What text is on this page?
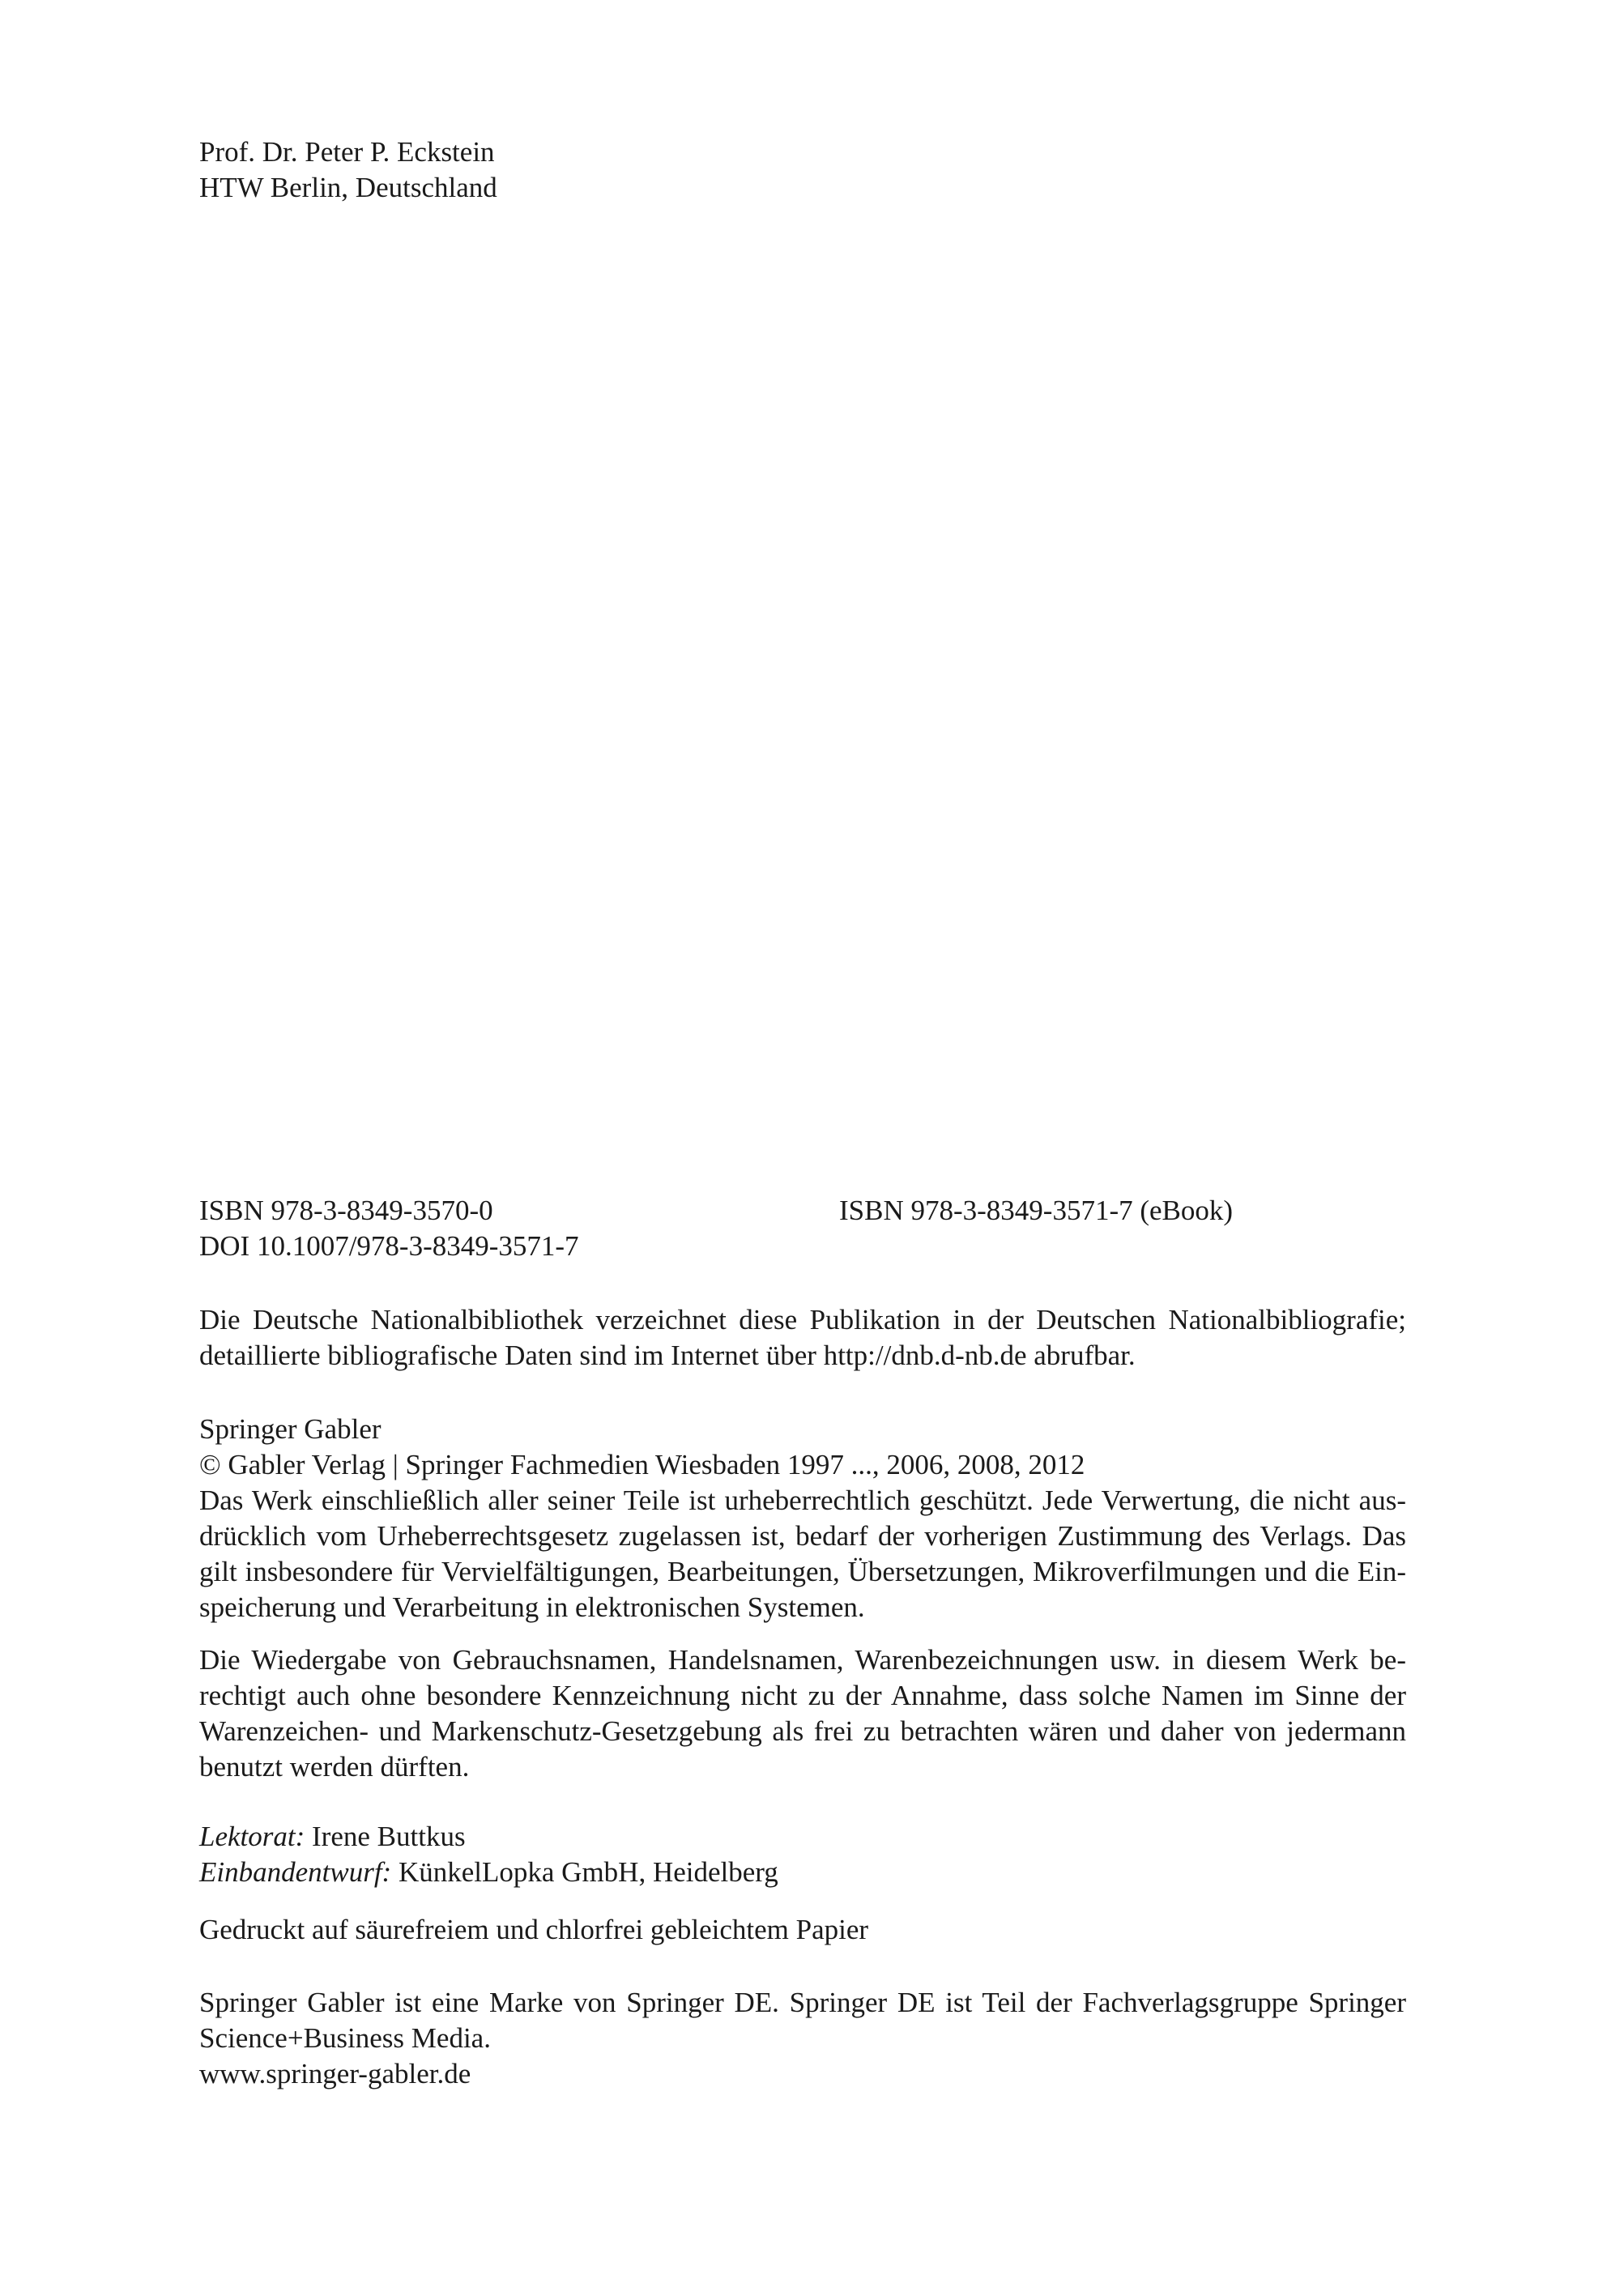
Prof. Dr. Peter P. Eckstein
HTW Berlin, Deutschland
ISBN 978-3-8349-3570-0
DOI 10.1007/978-3-8349-3571-7
ISBN 978-3-8349-3571-7 (eBook)
Die Deutsche Nationalbibliothek verzeichnet diese Publikation in der Deutschen Nationalbibliografie;
detaillierte bibliografische Daten sind im Internet über http://dnb.d-nb.de abrufbar.
Springer Gabler
© Gabler Verlag | Springer Fachmedien Wiesbaden 1997 ..., 2006, 2008, 2012
Das Werk einschließlich aller seiner Teile ist urheberrechtlich geschützt. Jede Verwertung, die nicht aus-
drücklich vom Urheberrechtsgesetz zugelassen ist, bedarf der vorherigen Zustimmung des Verlags. Das
gilt insbesondere für Vervielfältigungen, Bearbeitungen, Übersetzungen, Mikroverfilmungen und die Ein-
speicherung und Verarbeitung in elektronischen Systemen.
Die Wiedergabe von Gebrauchsnamen, Handelsnamen, Warenbezeichnungen usw. in diesem Werk be-
rechtigt auch ohne besondere Kennzeichnung nicht zu der Annahme, dass solche Namen im Sinne der
Warenzeichen- und Markenschutz-Gesetzgebung als frei zu betrachten wären und daher von jedermann
benutzt werden dürften.
Lektorat: Irene Buttkus
Einbandentwurf: KünkelLopka GmbH, Heidelberg
Gedruckt auf säurefreiem und chlorfrei gebleichtem Papier
Springer Gabler ist eine Marke von Springer DE. Springer DE ist Teil der Fachverlagsgruppe Springer
Science+Business Media.
www.springer-gabler.de
